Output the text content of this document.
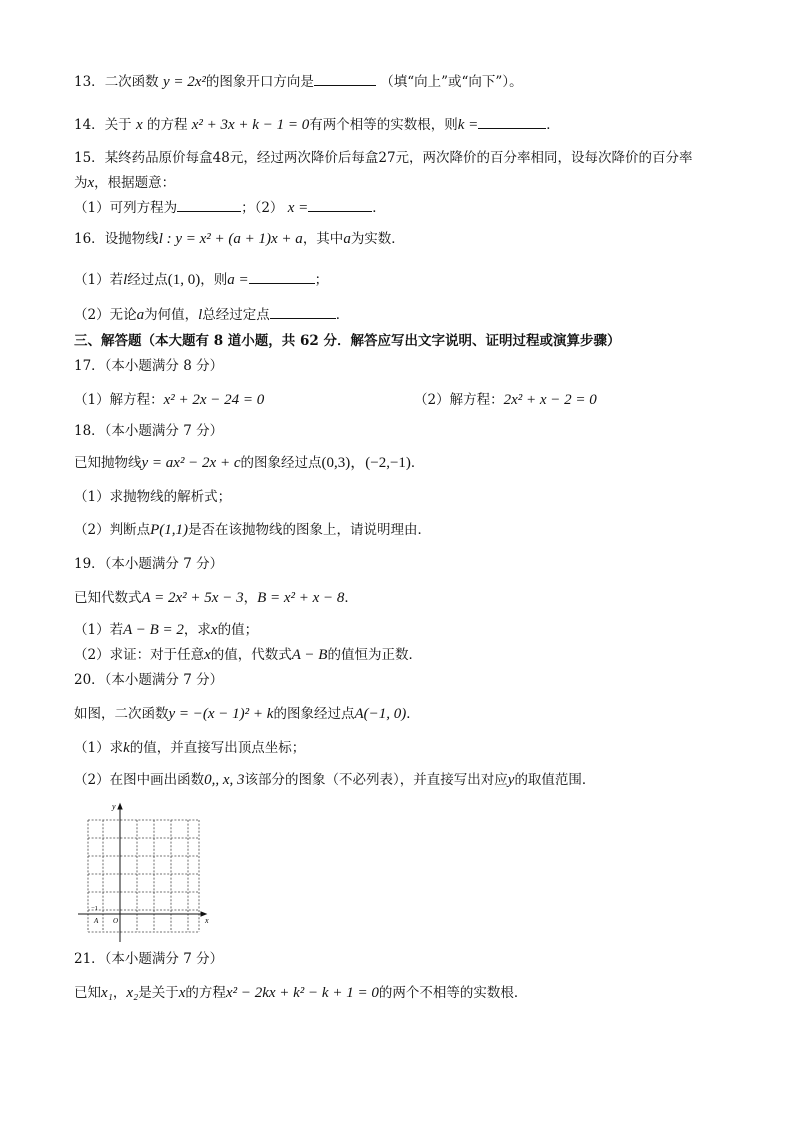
13．二次函数 y = 2x²的图象开口方向是	（填“向上”或“向下”）。
14．关于 x 的方程 x² + 3x + k − 1 = 0有两个相等的实数根，则k =	．
15．某终药品原价每盒48元，经过两次降价后每盒27元，两次降价的百分率相同，设每次降价的百分率
为x，根据题意：
（1）可列方程为	；（2） x =	．
16．设抛物线l : y = x² + (a + 1)x + a，其中a为实数．
（1）若l经过点(1, 0)，则a =	；
（2）无论a为何值，l总经过定点	．
三、解答题（本大题有 8 道小题，共 62 分．解答应写出文字说明、证明过程或演算步骤）
17．（本小题满分 8 分）
（1）解方程：x² + 2x − 24 = 0	（2）解方程：2x² + x − 2 = 0
18．（本小题满分 7 分）
已知抛物线y = ax² − 2x + c的图象经过点(0,3)，(−2,−1)．
（1）求抛物线的解析式；
（2）判断点P(1,1)是否在该抛物线的图象上，请说明理由．
19．（本小题满分 7 分）
已知代数式A = 2x² + 5x − 3，B = x² + x − 8．
（1）若A − B = 2，求x的值；
（2）求证：对于任意x的值，代数式A − B的值恒为正数．
20．（本小题满分 7 分）
如图，二次函数y = −(x − 1)² + k的图象经过点A(−1, 0)．
（1）求k的值，并直接写出顶点坐标；
（2）在图中画出函数0,, x, 3该部分的图象（不必列表），并直接写出对应y的取值范围．
y
x
O
A
−1
21．（本小题满分 7 分）
已知x₁，x₂是关于x的方程x² − 2kx + k² − k + 1 = 0的两个不相等的实数根．
